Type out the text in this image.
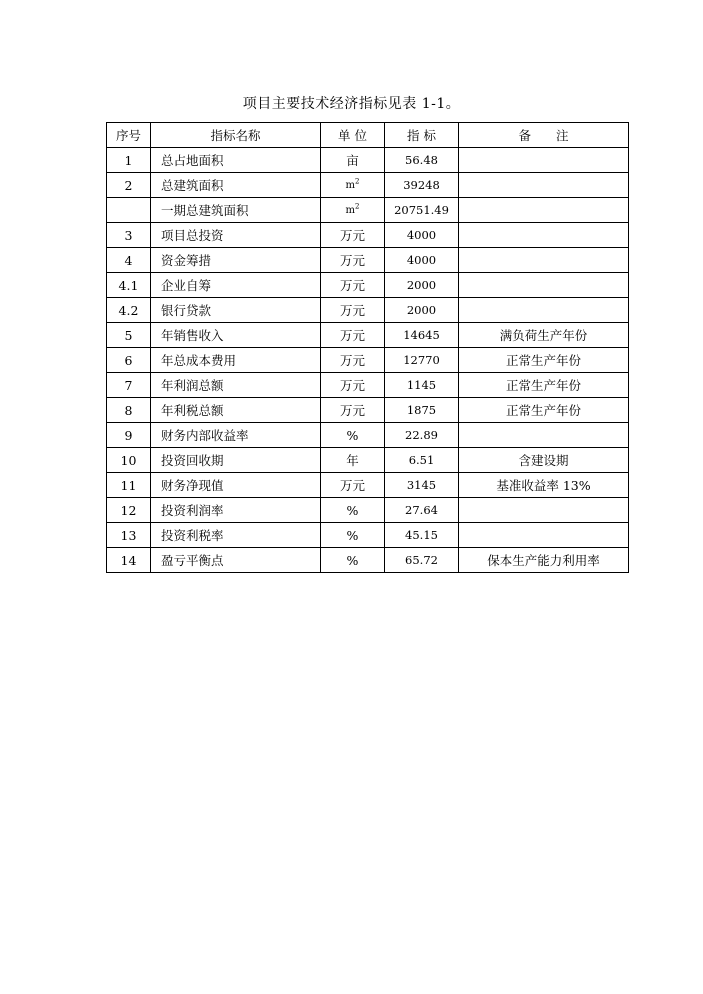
项目主要技术经济指标见表 1-1。
序号	指标名称	单 位	指 标	备　　注
1	总占地面积	亩	56.48	
2	总建筑面积	$m^2$	39248	
	一期总建筑面积	$m^2$	20751.49	
3	项目总投资	万元	4000	
4	资金筹措	万元	4000	
4.1	企业自筹	万元	2000	
4.2	银行贷款	万元	2000	
5	年销售收入	万元	14645	满负荷生产年份
6	年总成本费用	万元	12770	正常生产年份
7	年利润总额	万元	1145	正常生产年份
8	年利税总额	万元	1875	正常生产年份
9	财务内部收益率	%	22.89	
10	投资回收期	年	6.51	含建设期
11	财务净现值	万元	3145	基准收益率 13%
12	投资利润率	%	27.64	
13	投资利税率	%	45.15	
14	盈亏平衡点	%	65.72	保本生产能力利用率
